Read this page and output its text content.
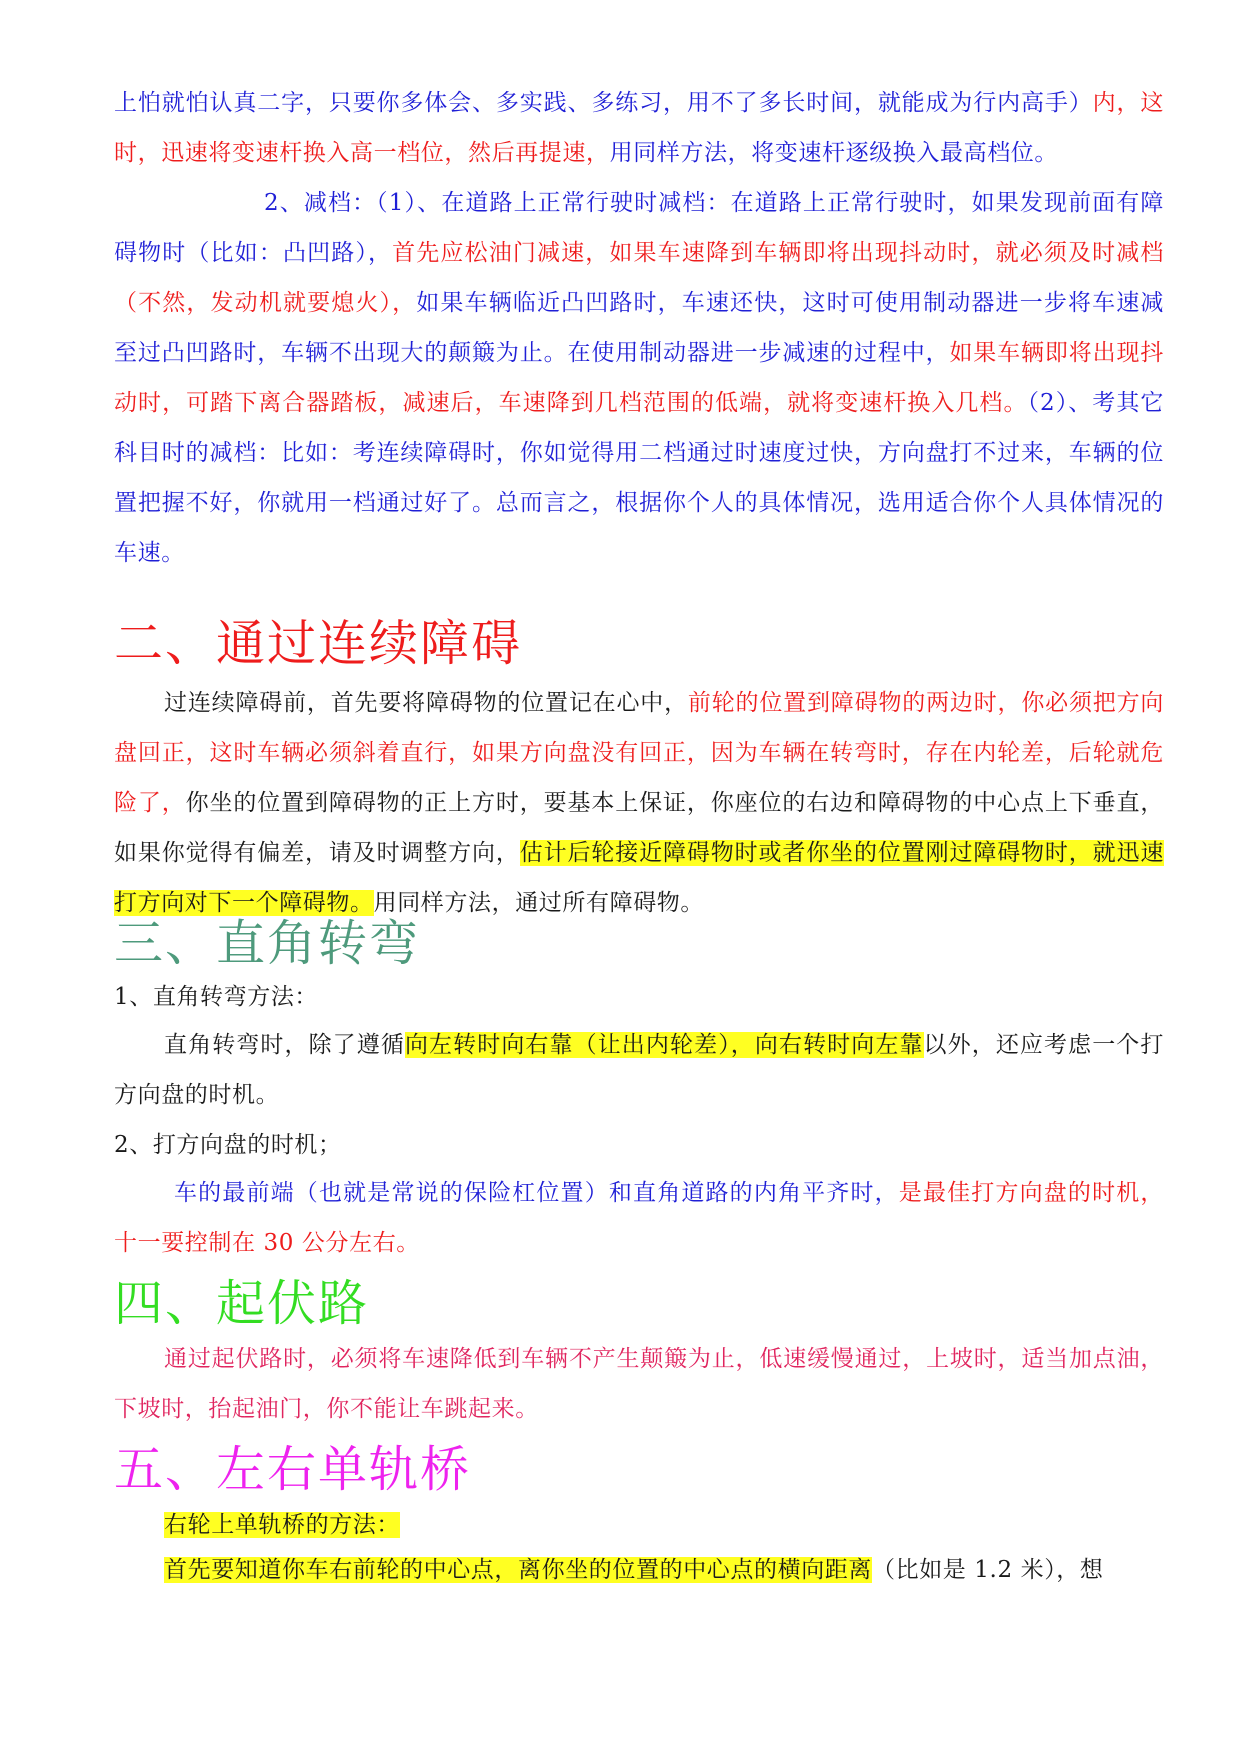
上怕就怕认真二字，只要你多体会、多实践、多练习，用不了多长时间，就能成为行内高手）内，这时，迅速将变速杆换入高一档位，然后再提速，用同样方法，将变速杆逐级换入最高档位。
2、减档：（1）、在道路上正常行驶时减档：在道路上正常行驶时，如果发现前面有障碍物时（比如：凸凹路），首先应松油门减速，如果车速降到车辆即将出现抖动时，就必须及时减档（不然，发动机就要熄火），如果车辆临近凸凹路时，车速还快，这时可使用制动器进一步将车速减至过凸凹路时，车辆不出现大的颠簸为止。在使用制动器进一步减速的过程中，如果车辆即将出现抖动时，可踏下离合器踏板，减速后，车速降到几档范围的低端，就将变速杆换入几档。（2）、考其它科目时的减档：比如：考连续障碍时，你如觉得用二档通过时速度过快，方向盘打不过来，车辆的位置把握不好，你就用一档通过好了。总而言之，根据你个人的具体情况，选用适合你个人具体情况的车速。
二、通过连续障碍
过连续障碍前，首先要将障碍物的位置记在心中，前轮的位置到障碍物的两边时，你必须把方向盘回正，这时车辆必须斜着直行，如果方向盘没有回正，因为车辆在转弯时，存在内轮差，后轮就危险了，你坐的位置到障碍物的正上方时，要基本上保证，你座位的右边和障碍物的中心点上下垂直，如果你觉得有偏差，请及时调整方向，估计后轮接近障碍物时或者你坐的位置刚过障碍物时，就迅速打方向对下一个障碍物。用同样方法，通过所有障碍物。
三、直角转弯
1、直角转弯方法：
直角转弯时，除了遵循向左转时向右靠（让出内轮差），向右转时向左靠以外，还应考虑一个打方向盘的时机。
2、打方向盘的时机；
车的最前端（也就是常说的保险杠位置）和直角道路的内角平齐时，是最佳打方向盘的时机，十一要控制在 30 公分左右。
四、起伏路
通过起伏路时，必须将车速降低到车辆不产生颠簸为止，低速缓慢通过，上坡时，适当加点油，下坡时，抬起油门，你不能让车跳起来。
五、左右单轨桥
右轮上单轨桥的方法：
首先要知道你车右前轮的中心点，离你坐的位置的中心点的横向距离（比如是 1.2 米），想
